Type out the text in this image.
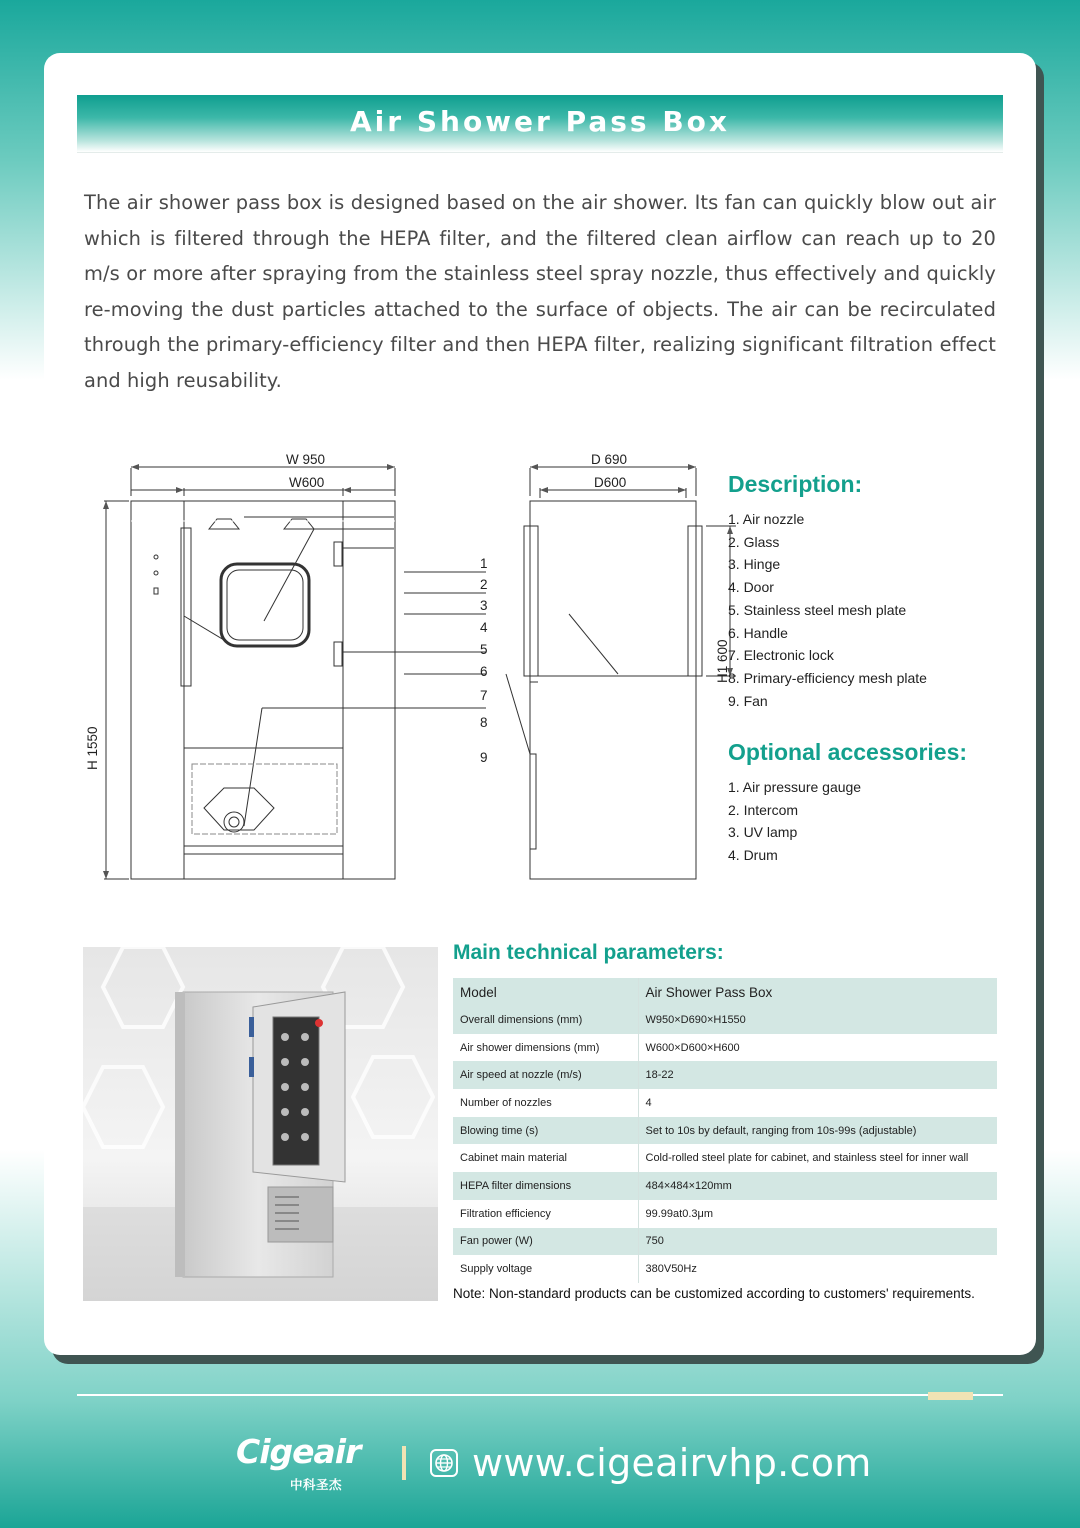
Air Shower Pass Box

The air shower pass box is designed based on the air shower. Its fan can quickly blow out air which is filtered through the HEPA filter, and the filtered clean airflow can reach up to 20 m/s or more after spraying from the stainless steel spray nozzle, thus effectively and quickly re-moving the dust particles attached to the surface of objects. The air can be recirculated through the primary-efficiency filter and then HEPA filter, realizing significant filtration effect and high reusability.

W 950
W600
D 690
D600
H 1550
H1 600
1
2
3
4
5
6
7
8
9
Description:
1. Air nozzle
2. Glass
3. Hinge
4. Door
5. Stainless steel mesh plate
6. Handle
7. Electronic lock
8. Primary-efficiency mesh plate
9. Fan
Optional accessories:
1. Air pressure gauge
2. Intercom
3. UV lamp
4. Drum
Main technical parameters:
Model	Air Shower Pass Box
Overall dimensions (mm)	W950×D690×H1550
Air shower dimensions (mm)	W600×D600×H600
Air speed at nozzle (m/s)	18-22
Number of nozzles	4
Blowing time (s)	Set to 10s by default, ranging from 10s-99s (adjustable)
Cabinet main material	Cold-rolled steel plate for cabinet, and stainless steel for inner wall
HEPA filter dimensions	484×484×120mm
Filtration efficiency	99.99at0.3μm
Fan power (W)	750
Supply voltage	380V50Hz

Note: Non-standard products can be customized according to customers' requirements.

Cigeair
中科圣杰	www.cigeairvhp.com
